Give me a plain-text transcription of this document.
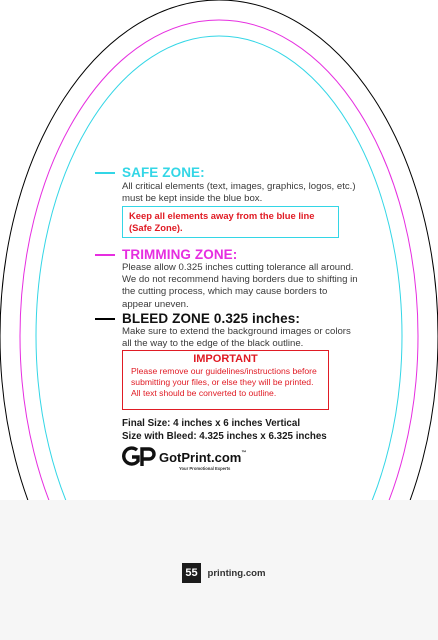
SAFE ZONE:
All critical elements (text, images, graphics, logos, etc.)
must be kept inside the blue box.
Keep all elements away from the blue line
(Safe Zone).
TRIMMING ZONE:
Please allow 0.325 inches cutting tolerance all around.
We do not recommend having borders due to shifting in
the cutting process, which may cause borders to
appear uneven.
BLEED ZONE 0.325 inches:
Make sure to extend the background images or colors
all the way to the edge of the black outline.
IMPORTANT
Please remove our guidelines/instructions before
submitting your files, or else they will be printed.
All text should be converted to outline.
Final Size: 4 inches x 6 inches Vertical
Size with Bleed: 4.325 inches x 6.325 inches
GotPrint.com™
Your Promotional Experts
55 printing.com
